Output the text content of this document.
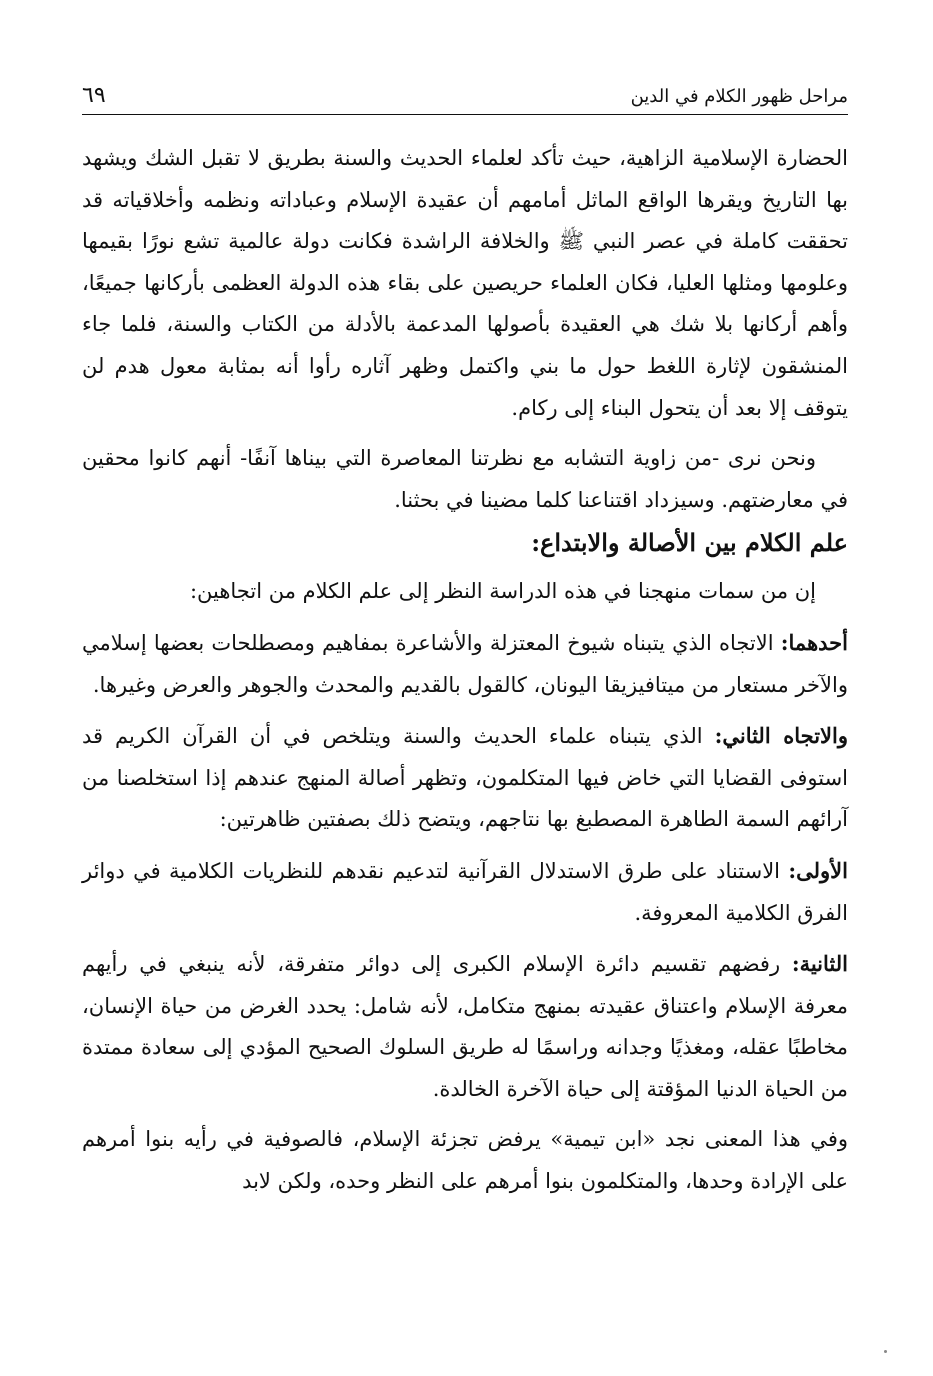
مراحل ظهور الكلام في الدين
٦٩

الحضارة الإسلامية الزاهية، حيث تأكد لعلماء الحديث والسنة بطريق لا تقبل الشك ويشهد بها التاريخ ويقرها الواقع الماثل أمامهم أن عقيدة الإسلام وعباداته ونظمه وأخلاقياته قد تحققت كاملة في عصر النبي ﷺ والخلافة الراشدة فكانت دولة عالمية تشع نورًا بقيمها وعلومها ومثلها العليا، فكان العلماء حريصين على بقاء هذه الدولة العظمى بأركانها جميعًا، وأهم أركانها بلا شك هي العقيدة بأصولها المدعمة بالأدلة من الكتاب والسنة، فلما جاء المنشقون لإثارة اللغط حول ما بني واكتمل وظهر آثاره رأوا أنه بمثابة معول هدم لن يتوقف إلا بعد أن يتحول البناء إلى ركام.

ونحن نرى -من زاوية التشابه مع نظرتنا المعاصرة التي بيناها آنفًا- أنهم كانوا محقين في معارضتهم. وسيزداد اقتناعنا كلما مضينا في بحثنا.

علم الكلام بين الأصالة والابتداع:

إن من سمات منهجنا في هذه الدراسة النظر إلى علم الكلام من اتجاهين:

أحدهما: الاتجاه الذي يتبناه شيوخ المعتزلة والأشاعرة بمفاهيم ومصطلحات بعضها إسلامي والآخر مستعار من ميتافيزيقا اليونان، كالقول بالقديم والمحدث والجوهر والعرض وغيرها.

والاتجاه الثاني: الذي يتبناه علماء الحديث والسنة ويتلخص في أن القرآن الكريم قد استوفى القضايا التي خاض فيها المتكلمون، وتظهر أصالة المنهج عندهم إذا استخلصنا من آرائهم السمة الطاهرة المصطبغ بها نتاجهم، ويتضح ذلك بصفتين ظاهرتين:

الأولى: الاستناد على طرق الاستدلال القرآنية لتدعيم نقدهم للنظريات الكلامية في دوائر الفرق الكلامية المعروفة.

الثانية: رفضهم تقسيم دائرة الإسلام الكبرى إلى دوائر متفرقة، لأنه ينبغي في رأيهم معرفة الإسلام واعتناق عقيدته بمنهج متكامل، لأنه شامل: يحدد الغرض من حياة الإنسان، مخاطبًا عقله، ومغذيًا وجدانه وراسمًا له طريق السلوك الصحيح المؤدي إلى سعادة ممتدة من الحياة الدنيا المؤقتة إلى حياة الآخرة الخالدة.

وفي هذا المعنى نجد «ابن تيمية» يرفض تجزئة الإسلام، فالصوفية في رأيه بنوا أمرهم على الإرادة وحدها، والمتكلمون بنوا أمرهم على النظر وحده، ولكن لابد
